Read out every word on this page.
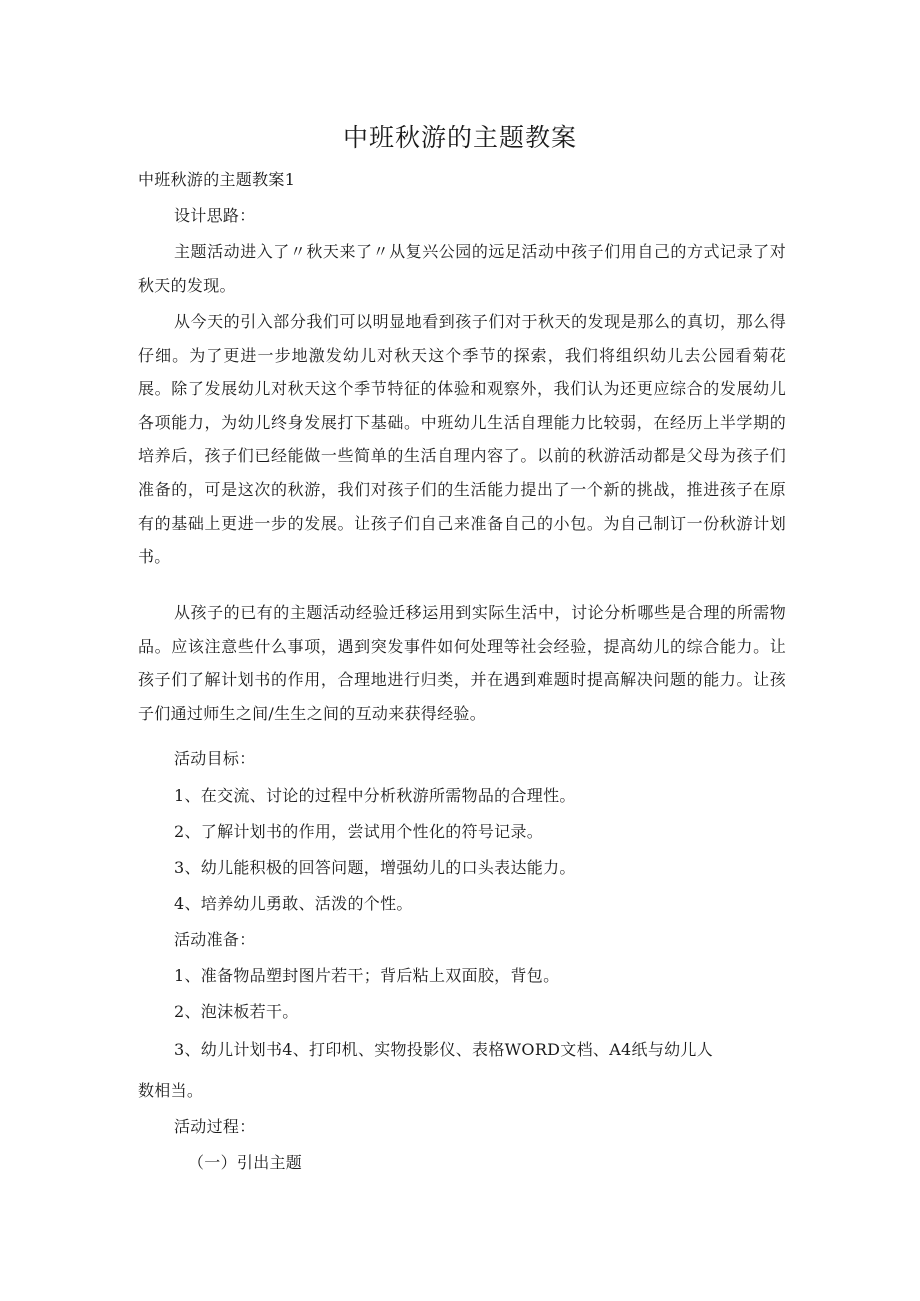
中班秋游的主题教案

中班秋游的主题教案1

设计思路：

主题活动进入了〃秋天来了〃从复兴公园的远足活动中孩子们用自己的方式记录了对秋天的发现。

从今天的引入部分我们可以明显地看到孩子们对于秋天的发现是那么的真切，那么得仔细。为了更进一步地激发幼儿对秋天这个季节的探索，我们将组织幼儿去公园看菊花展。除了发展幼儿对秋天这个季节特征的体验和观察外，我们认为还更应综合的发展幼儿各项能力，为幼儿终身发展打下基础。中班幼儿生活自理能力比较弱，在经历上半学期的培养后，孩子们已经能做一些简单的生活自理内容了。以前的秋游活动都是父母为孩子们准备的，可是这次的秋游，我们对孩子们的生活能力提出了一个新的挑战，推进孩子在原有的基础上更进一步的发展。让孩子们自己来准备自己的小包。为自己制订一份秋游计划书。

从孩子的已有的主题活动经验迁移运用到实际生活中，讨论分析哪些是合理的所需物品。应该注意些什么事项，遇到突发事件如何处理等社会经验，提高幼儿的综合能力。让孩子们了解计划书的作用，合理地进行归类，并在遇到难题时提高解决问题的能力。让孩子们通过师生之间/生生之间的互动来获得经验。

活动目标：

1、在交流、讨论的过程中分析秋游所需物品的合理性。

2、了解计划书的作用，尝试用个性化的符号记录。

3、幼儿能积极的回答问题，增强幼儿的口头表达能力。

4、培养幼儿勇敢、活泼的个性。

活动准备：

1、准备物品塑封图片若干；背后粘上双面胶，背包。

2、泡沫板若干。

3、幼儿计划书4、打印机、实物投影仪、表格WORD文档、A4纸与幼儿人

数相当。

活动过程：

（一）引出主题
